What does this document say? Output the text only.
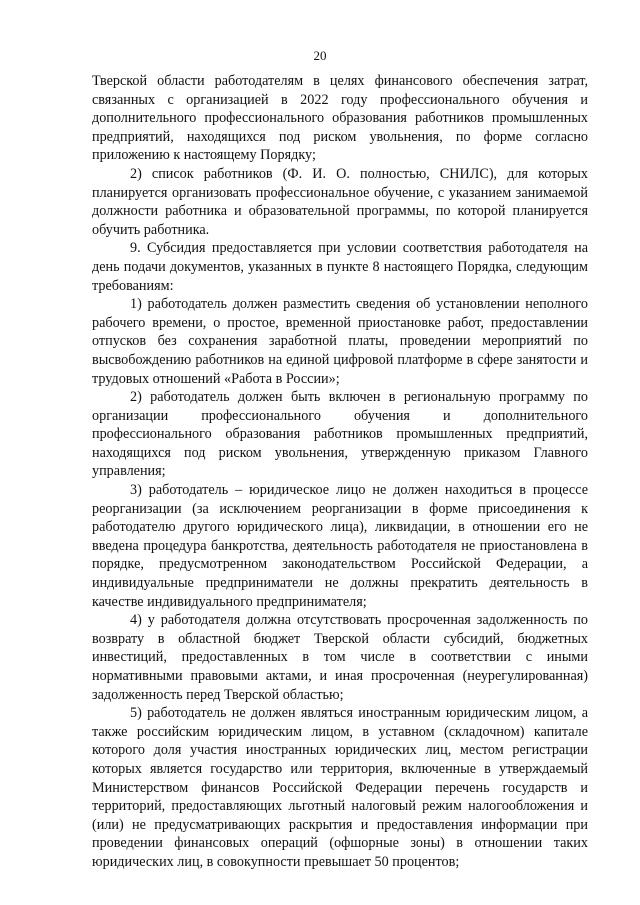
20

Тверской области работодателям в целях финансового обеспечения затрат, связанных с организацией в 2022 году профессионального обучения и дополнительного профессионального образования работников промышленных предприятий, находящихся под риском увольнения, по форме согласно приложению к настоящему Порядку;

2) список работников (Ф. И. О. полностью, СНИЛС), для которых планируется организовать профессиональное обучение, с указанием занимаемой должности работника и образовательной программы, по которой планируется обучить работника.

9. Субсидия предоставляется при условии соответствия работодателя на день подачи документов, указанных в пункте 8 настоящего Порядка, следующим требованиям:

1) работодатель должен разместить сведения об установлении неполного рабочего времени, о простое, временной приостановке работ, предоставлении отпусков без сохранения заработной платы, проведении мероприятий по высвобождению работников на единой цифровой платформе в сфере занятости и трудовых отношений «Работа в России»;

2) работодатель должен быть включен в региональную программу по организации профессионального обучения и дополнительного профессионального образования работников промышленных предприятий, находящихся под риском увольнения, утвержденную приказом Главного управления;

3) работодатель – юридическое лицо не должен находиться в процессе реорганизации (за исключением реорганизации в форме присоединения к работодателю другого юридического лица), ликвидации, в отношении его не введена процедура банкротства, деятельность работодателя не приостановлена в порядке, предусмотренном законодательством Российской Федерации, а индивидуальные предприниматели не должны прекратить деятельность в качестве индивидуального предпринимателя;

4) у работодателя должна отсутствовать просроченная задолженность по возврату в областной бюджет Тверской области субсидий, бюджетных инвестиций, предоставленных в том числе в соответствии с иными нормативными правовыми актами, и иная просроченная (неурегулированная) задолженность перед Тверской областью;

5) работодатель не должен являться иностранным юридическим лицом, а также российским юридическим лицом, в уставном (складочном) капитале которого доля участия иностранных юридических лиц, местом регистрации которых является государство или территория, включенные в утверждаемый Министерством финансов Российской Федерации перечень государств и территорий, предоставляющих льготный налоговый режим налогообложения и (или) не предусматривающих раскрытия и предоставления информации при проведении финансовых операций (офшорные зоны) в отношении таких юридических лиц, в совокупности превышает 50 процентов;
